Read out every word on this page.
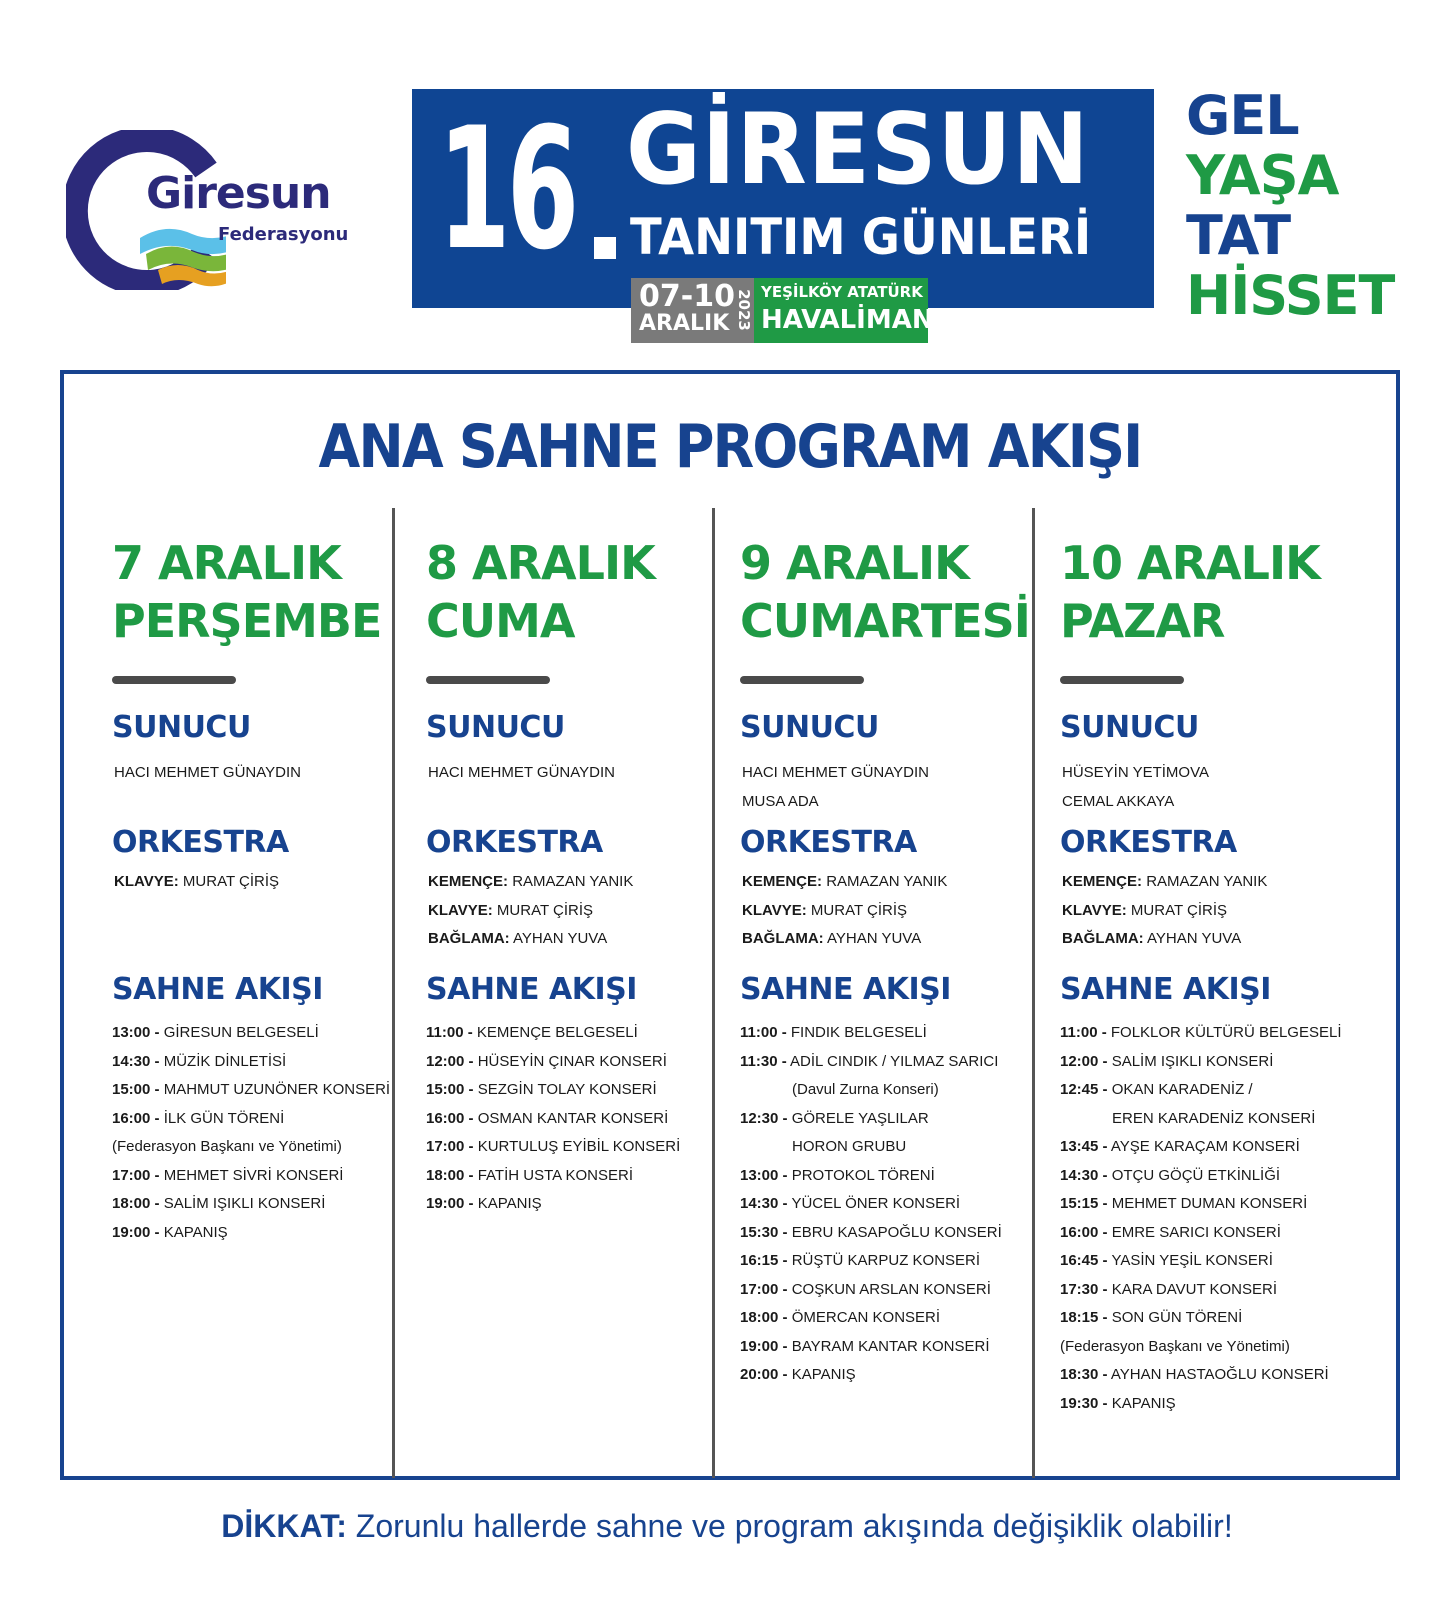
Giresun
Federasyonu 16 GİRESUN
TANITIM GÜNLERİ
07-10
ARALIK 2023 YEŞİLKÖY ATATÜRK
HAVALİMANI
GEL
YAŞA
TAT
HİSSET
ANA SAHNE PROGRAM AKIŞI
7 ARALIK
PERŞEMBE
SUNUCU
HACI MEHMET GÜNAYDIN
ORKESTRA
KLAVYE: MURAT ÇİRİŞ
SAHNE AKIŞI
13:00 - GİRESUN BELGESELİ
14:30 - MÜZİK DİNLETİSİ
15:00 - MAHMUT UZUNÖNER KONSERİ
16:00 - İLK GÜN TÖRENİ
(Federasyon Başkanı ve Yönetimi)
17:00 - MEHMET SİVRİ KONSERİ
18:00 - SALİM IŞIKLI KONSERİ
19:00 - KAPANIŞ
8 ARALIK
CUMA
SUNUCU
HACI MEHMET GÜNAYDIN
ORKESTRA
KEMENÇE: RAMAZAN YANIK
KLAVYE: MURAT ÇİRİŞ
BAĞLAMA: AYHAN YUVA
SAHNE AKIŞI
11:00 - KEMENÇE BELGESELİ
12:00 - HÜSEYİN ÇINAR KONSERİ
15:00 - SEZGİN TOLAY KONSERİ
16:00 - OSMAN KANTAR KONSERİ
17:00 - KURTULUŞ EYİBİL KONSERİ
18:00 - FATİH USTA KONSERİ
19:00 - KAPANIŞ
9 ARALIK
CUMARTESİ
SUNUCU
HACI MEHMET GÜNAYDIN
MUSA ADA
ORKESTRA
KEMENÇE: RAMAZAN YANIK
KLAVYE: MURAT ÇİRİŞ
BAĞLAMA: AYHAN YUVA
SAHNE AKIŞI
11:00 - FINDIK BELGESELİ
11:30 - ADİL CINDIK / YILMAZ SARICI
(Davul Zurna Konseri)
12:30 - GÖRELE YAŞLILAR
HORON GRUBU
13:00 - PROTOKOL TÖRENİ
14:30 - YÜCEL ÖNER KONSERİ
15:30 - EBRU KASAPOĞLU KONSERİ
16:15 - RÜŞTÜ KARPUZ KONSERİ
17:00 - COŞKUN ARSLAN KONSERİ
18:00 - ÖMERCAN KONSERİ
19:00 - BAYRAM KANTAR KONSERİ
20:00 - KAPANIŞ
10 ARALIK
PAZAR
SUNUCU
HÜSEYİN YETİMOVA
CEMAL AKKAYA
ORKESTRA
KEMENÇE: RAMAZAN YANIK
KLAVYE: MURAT ÇİRİŞ
BAĞLAMA: AYHAN YUVA
SAHNE AKIŞI
11:00 - FOLKLOR KÜLTÜRÜ BELGESELİ
12:00 - SALİM IŞIKLI KONSERİ
12:45 - OKAN KARADENİZ /
EREN KARADENİZ KONSERİ
13:45 - AYŞE KARAÇAM KONSERİ
14:30 - OTÇU GÖÇÜ ETKİNLİĞİ
15:15 - MEHMET DUMAN KONSERİ
16:00 - EMRE SARICI KONSERİ
16:45 - YASİN YEŞİL KONSERİ
17:30 - KARA DAVUT KONSERİ
18:15 - SON GÜN TÖRENİ
(Federasyon Başkanı ve Yönetimi)
18:30 - AYHAN HASTAOĞLU KONSERİ
19:30 - KAPANIŞ
DİKKAT: Zorunlu hallerde sahne ve program akışında değişiklik olabilir!
